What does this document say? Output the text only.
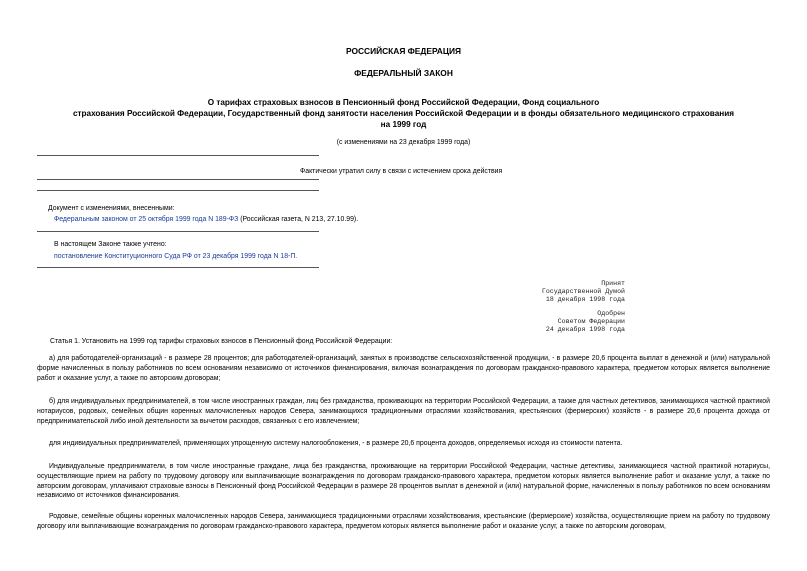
РОССИЙСКАЯ ФЕДЕРАЦИЯ
ФЕДЕРАЛЬНЫЙ ЗАКОН
О тарифах страховых взносов в Пенсионный фонд Российской Федерации, Фонд социального
страхования Российской Федерации, Государственный фонд занятости населения Российской Федерации и в фонды обязательного медицинского страхования
на 1999 год
(с изменениями на 23 декабря 1999 года)
Фактически утратил силу в связи с истечением срока действия
Документ с изменениями, внесенными:
Федеральным законом от 25 октября 1999 года N 189-ФЗ (Российская газета, N 213, 27.10.99).
В настоящем Законе также учтено:
постановление Конституционного Суда РФ от 23 декабря 1999 года N 18-П.
Принят
Государственной Думой
18 декабря 1998 года
Одобрен
Советом Федерации
24 декабря 1998 года
Статья 1. Установить на 1999 год тарифы страховых взносов в Пенсионный фонд Российской Федерации:
а) для работодателей-организаций - в размере 28 процентов; для работодателей-организаций, занятых в производстве сельскохозяйственной продукции, - в размере 20,6 процента выплат в денежной и (или) натуральной форме начисленных в пользу работников по всем основаниям независимо от источников финансирования, включая вознаграждения по договорам гражданско-правового характера, предметом которых является выполнение работ и оказание услуг, а также по авторским договорам;
б) для индивидуальных предпринимателей, в том числе иностранных граждан, лиц без гражданства, проживающих на территории Российской Федерации, а также для частных детективов, занимающихся частной практикой нотариусов, родовых, семейных общин коренных малочисленных народов Севера, занимающихся традиционными отраслями хозяйствования, крестьянских (фермерских) хозяйств - в размере 20,6 процента дохода от предпринимательской либо иной деятельности за вычетом расходов, связанных с его извлечением;
для индивидуальных предпринимателей, применяющих упрощенную систему налогообложения, - в размере 20,6 процента доходов, определяемых исходя из стоимости патента.
Индивидуальные предприниматели, в том числе иностранные граждане, лица без гражданства, проживающие на территории Российской Федерации, частные детективы, занимающиеся частной практикой нотариусы, осуществляющие прием на работу по трудовому договору или выплачивающие вознаграждения по договорам гражданско-правового характера, предметом которых является выполнение работ и оказание услуг, а также по авторским договорам, уплачивают страховые взносы в Пенсионный фонд Российской Федерации в размере 28 процентов выплат в денежной и (или) натуральной форме, начисленных в пользу работников по всем основаниям независимо от источников финансирования.
Родовые, семейные общины коренных малочисленных народов Севера, занимающиеся традиционными отраслями хозяйствования, крестьянские (фермерские) хозяйства, осуществляющие прием на работу по трудовому договору или выплачивающие вознаграждения по договорам гражданско-правового характера, предметом которых является выполнение работ и оказание услуг, а также по авторским договорам,
